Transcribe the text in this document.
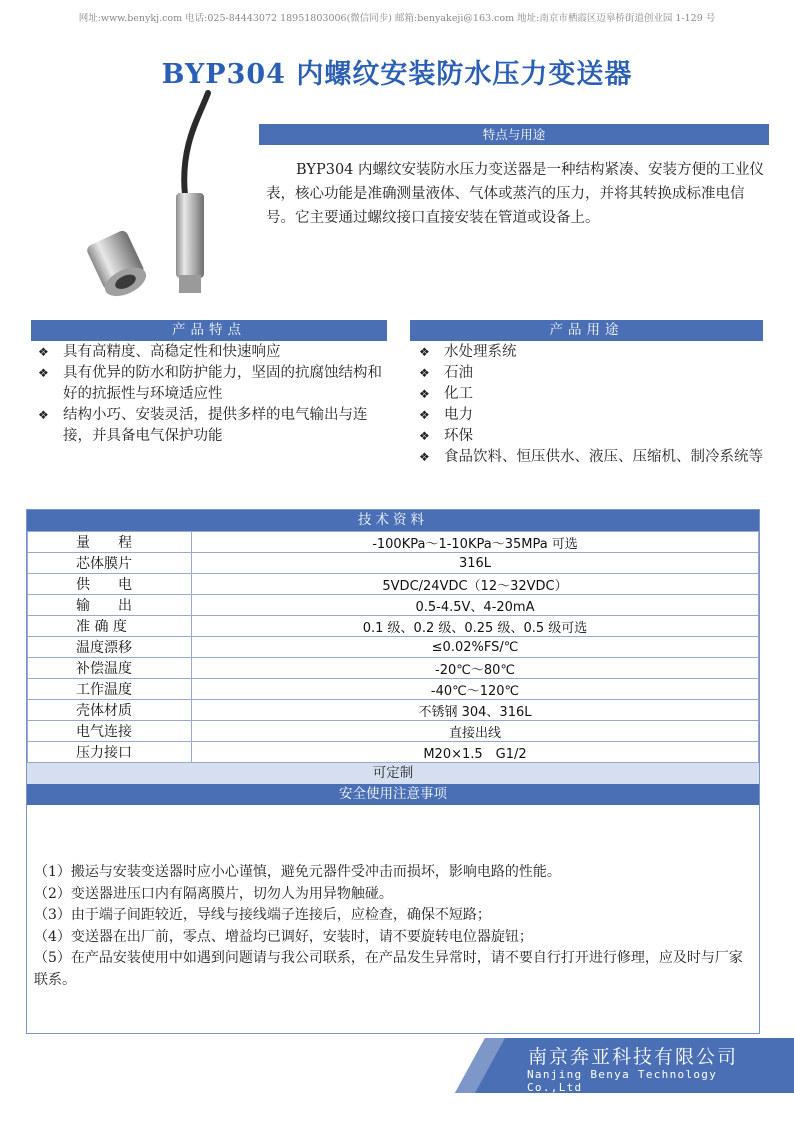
网址:www.benykj.com 电话:025-84443072 18951803006(微信同步) 邮箱:benyakeji@163.com 地址:南京市栖霞区迈皋桥街道创业园 1-129 号
BYP304 内螺纹安装防水压力变送器
特点与用途
BYP304 内螺纹安装防水压力变送器是一种结构紧凑、安装方便的工业仪表，核心功能是准确测量液体、气体或蒸汽的压力，并将其转换成标准电信号。它主要通过螺纹接口直接安装在管道或设备上。
产品特点
❖ 具有高精度、高稳定性和快速响应
❖ 具有优异的防水和防护能力，坚固的抗腐蚀结构和好的抗振性与环境适应性
❖ 结构小巧、安装灵活，提供多样的电气输出与连接，并具备电气保护功能
产品用途
❖ 水处理系统
❖ 石油
❖ 化工
❖ 电力
❖ 环保
❖ 食品饮料、恒压供水、液压、压缩机、制冷系统等
技术资料
量　　程	-100KPa～1-10KPa～35MPa 可选
芯体膜片	316L
供　　电	5VDC/24VDC（12～32VDC）
输　　出	0.5-4.5V、4-20mA
准 确 度	0.1 级、0.2 级、0.25 级、0.5 级可选
温度漂移	≤0.02%FS/℃
补偿温度	-20℃～80℃
工作温度	-40℃～120℃
壳体材质	不锈钢 304、316L
电气连接	直接出线
压力接口	M20×1.5　G1/2
可定制
安全使用注意事项
（1）搬运与安装变送器时应小心谨慎，避免元器件受冲击而损坏，影响电路的性能。
（2）变送器进压口内有隔离膜片，切勿人为用异物触碰。
（3）由于端子间距较近，导线与接线端子连接后，应检查，确保不短路；
（4）变送器在出厂前，零点、增益均已调好，安装时，请不要旋转电位器旋钮；
（5）在产品安装使用中如遇到问题请与我公司联系，在产品发生异常时，请不要自行打开进行修理，应及时与厂家联系。
南京奔亚科技有限公司
Nanjing Benya Technology Co.,Ltd
